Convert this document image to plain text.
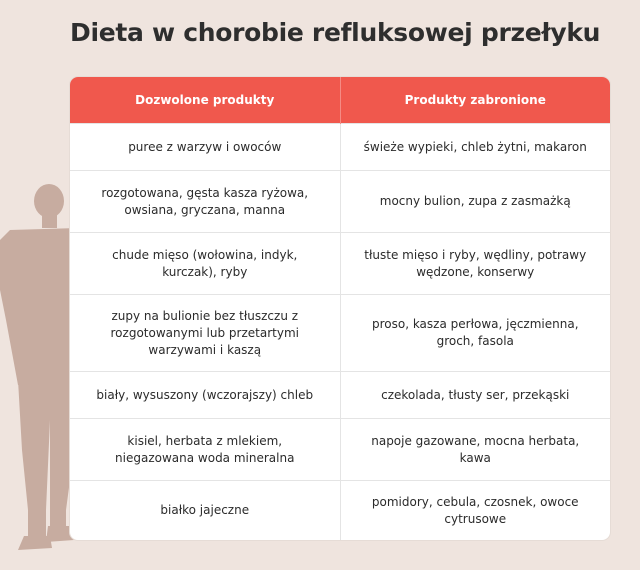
Dieta w chorobie refluksowej przełyku
Dozwolone produkty	Produkty zabronione
puree z warzyw i owoców	świeże wypieki, chleb żytni, makaron
rozgotowana, gęsta kasza ryżowa, owsiana, gryczana, manna	mocny bulion, zupa z zasmażką
chude mięso (wołowina, indyk, kurczak), ryby	tłuste mięso i ryby, wędliny, potrawy wędzone, konserwy
zupy na bulionie bez tłuszczu z rozgotowanymi lub przetartymi warzywami i kaszą	proso, kasza perłowa, jęczmienna, groch, fasola
biały, wysuszony (wczorajszy) chleb	czekolada, tłusty ser, przekąski
kisiel, herbata z mlekiem, niegazowana woda mineralna	napoje gazowane, mocna herbata, kawa
białko jajeczne	pomidory, cebula, czosnek, owoce cytrusowe
